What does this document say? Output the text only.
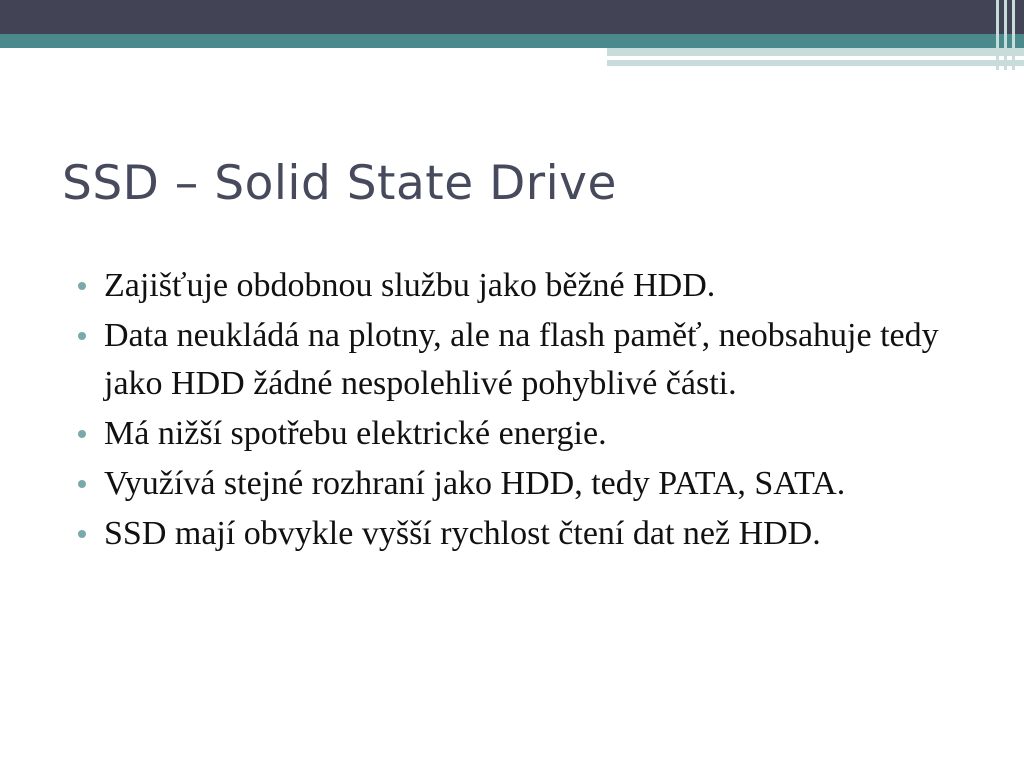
SSD – Solid State Drive
Zajišťuje obdobnou službu jako běžné HDD.
Data neukládá na plotny, ale na flash paměť, neobsahuje tedy jako HDD žádné nespolehlivé pohyblivé části.
Má nižší spotřebu elektrické energie.
Využívá stejné rozhraní jako HDD, tedy PATA, SATA.
SSD mají obvykle vyšší rychlost čtení dat než HDD.
